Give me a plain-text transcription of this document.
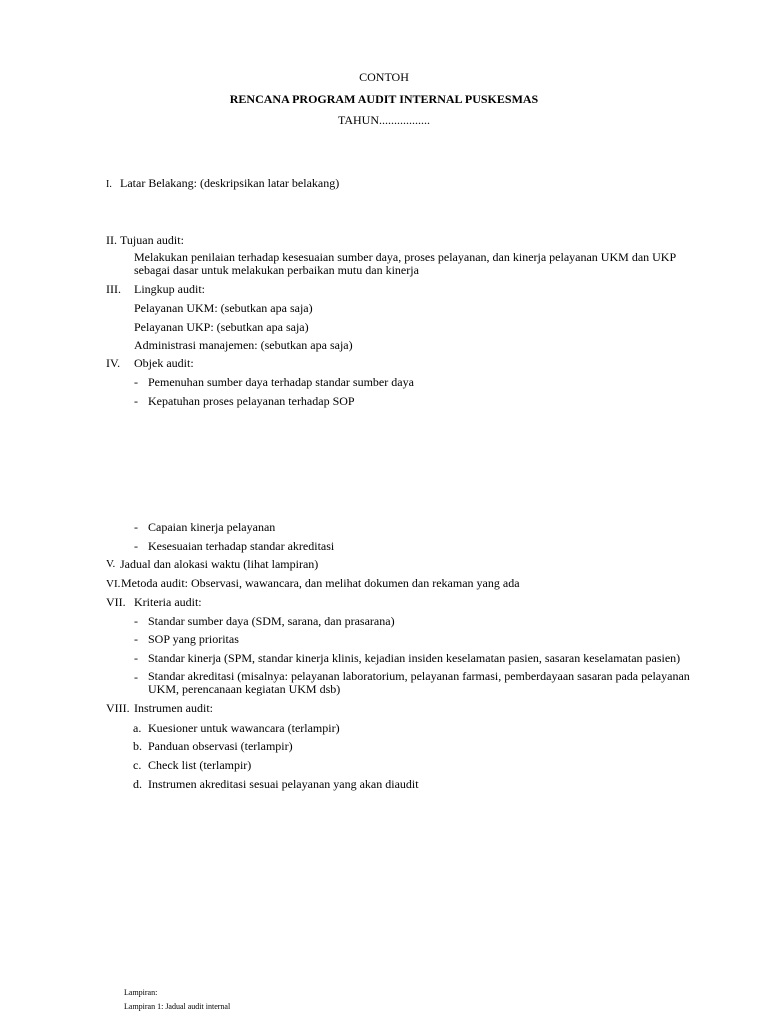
CONTOH
RENCANA PROGRAM AUDIT INTERNAL PUSKESMAS
TAHUN.................
I. Latar Belakang: (deskripsikan latar belakang)
II. Tujuan audit:
Melakukan penilaian terhadap kesesuaian sumber daya, proses pelayanan, dan kinerja pelayanan UKM dan UKP sebagai dasar untuk melakukan perbaikan mutu dan kinerja
III. Lingkup audit:
Pelayanan UKM: (sebutkan apa saja)
Pelayanan UKP: (sebutkan apa saja)
Administrasi manajemen: (sebutkan apa saja)
IV. Objek audit:
- Pemenuhan sumber daya terhadap standar sumber daya
- Kepatuhan proses pelayanan terhadap SOP
- Capaian kinerja pelayanan
- Kesesuaian terhadap standar akreditasi
V. Jadual dan alokasi waktu (lihat lampiran)
VI. Metoda audit: Observasi, wawancara, dan melihat dokumen dan rekaman yang ada
VII. Kriteria audit:
- Standar sumber daya (SDM, sarana, dan prasarana)
- SOP yang prioritas
- Standar kinerja (SPM, standar kinerja klinis, kejadian insiden keselamatan pasien, sasaran keselamatan pasien)
- Standar akreditasi (misalnya: pelayanan laboratorium, pelayanan farmasi, pemberdayaan sasaran pada pelayanan UKM, perencanaan kegiatan UKM dsb)
VIII. Instrumen audit:
a. Kuesioner untuk wawancara (terlampir)
b. Panduan observasi (terlampir)
c. Check list (terlampir)
d. Instrumen akreditasi sesuai pelayanan yang akan diaudit
Lampiran:
Lampiran 1: Jadual audit internal
